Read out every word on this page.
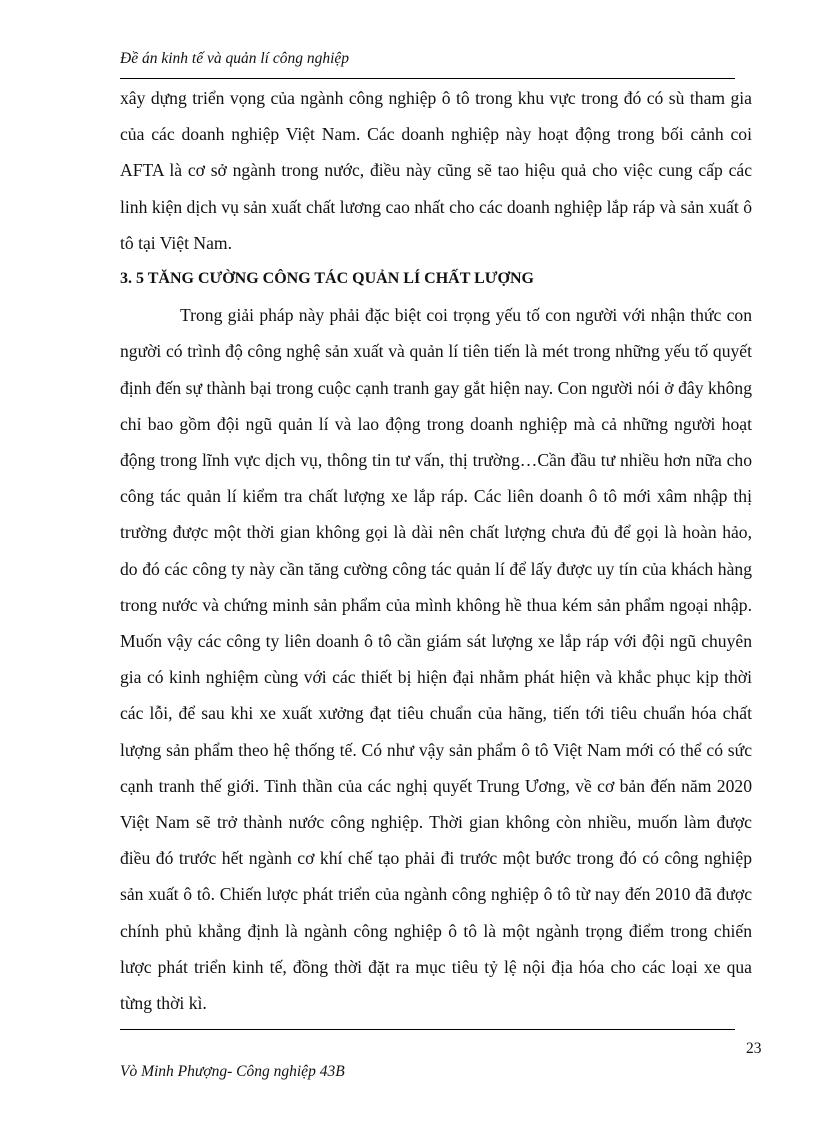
Đề án kinh tế và quản lí công nghiệp

xây dựng triển vọng của ngành công nghiệp ô tô trong khu vực trong đó có sù tham gia của các doanh nghiệp Việt Nam. Các doanh nghiệp này hoạt động trong bối cảnh coi AFTA là cơ sở ngành trong nước, điều này cũng sẽ tao hiệu quả cho việc cung cấp các linh kiện dịch vụ sản xuất chất lương cao nhất cho các doanh nghiệp lắp ráp và sản xuất ô tô tại Việt Nam.

3. 5 TĂNG CƯỜNG CÔNG TÁC QUẢN LÍ CHẤT LƯỢNG

Trong giải pháp này phải đặc biệt coi trọng yếu tố con người với nhận thức con người có trình độ công nghệ sản xuất và quản lí tiên tiến là mét trong những yếu tố quyết định đến sự thành bại trong cuộc cạnh tranh gay gắt hiện nay. Con người nói ở đây không chỉ bao gồm đội ngũ quản lí và lao động trong doanh nghiệp mà cả những người hoạt động trong lĩnh vực dịch vụ, thông tin tư vấn, thị trường…Cần đầu tư nhiều hơn nữa cho công tác quản lí kiểm tra chất lượng xe lắp ráp. Các liên doanh ô tô mới xâm nhập thị trường được một thời gian không gọi là dài nên chất lượng chưa đủ để gọi là hoàn hảo, do đó các công ty này cần tăng cường công tác quản lí để lấy được uy tín của khách hàng trong nước và chứng minh sản phẩm của mình không hề thua kém sản phẩm ngoại nhập. Muốn vậy các công ty liên doanh ô tô cần giám sát lượng xe lắp ráp với đội ngũ chuyên gia có kinh nghiệm cùng với các thiết bị hiện đại nhằm phát hiện và khắc phục kịp thời các lỗi, để sau khi xe xuất xưởng đạt tiêu chuẩn của hãng, tiến tới tiêu chuẩn hóa chất lượng sản phẩm theo hệ thống tế. Có như vậy sản phẩm ô tô Việt Nam mới có thể có sức cạnh tranh thế giới. Tinh thần của các nghị quyết Trung Ương, về cơ bản đến năm 2020 Việt Nam sẽ trở thành nước công nghiệp. Thời gian không còn nhiều, muốn làm được điều đó trước hết ngành cơ khí chế tạo phải đi trước một bước trong đó có công nghiệp sản xuất ô tô. Chiến lược phát triển của ngành công nghiệp ô tô từ nay đến 2010 đã được chính phủ khẳng định là ngành công nghiệp ô tô là một ngành trọng điểm trong chiến lược phát triển kinh tế, đồng thời đặt ra mục tiêu tỷ lệ nội địa hóa cho các loại xe qua từng thời kì.

23
Vò Minh Phượng- Công nghiệp 43B
